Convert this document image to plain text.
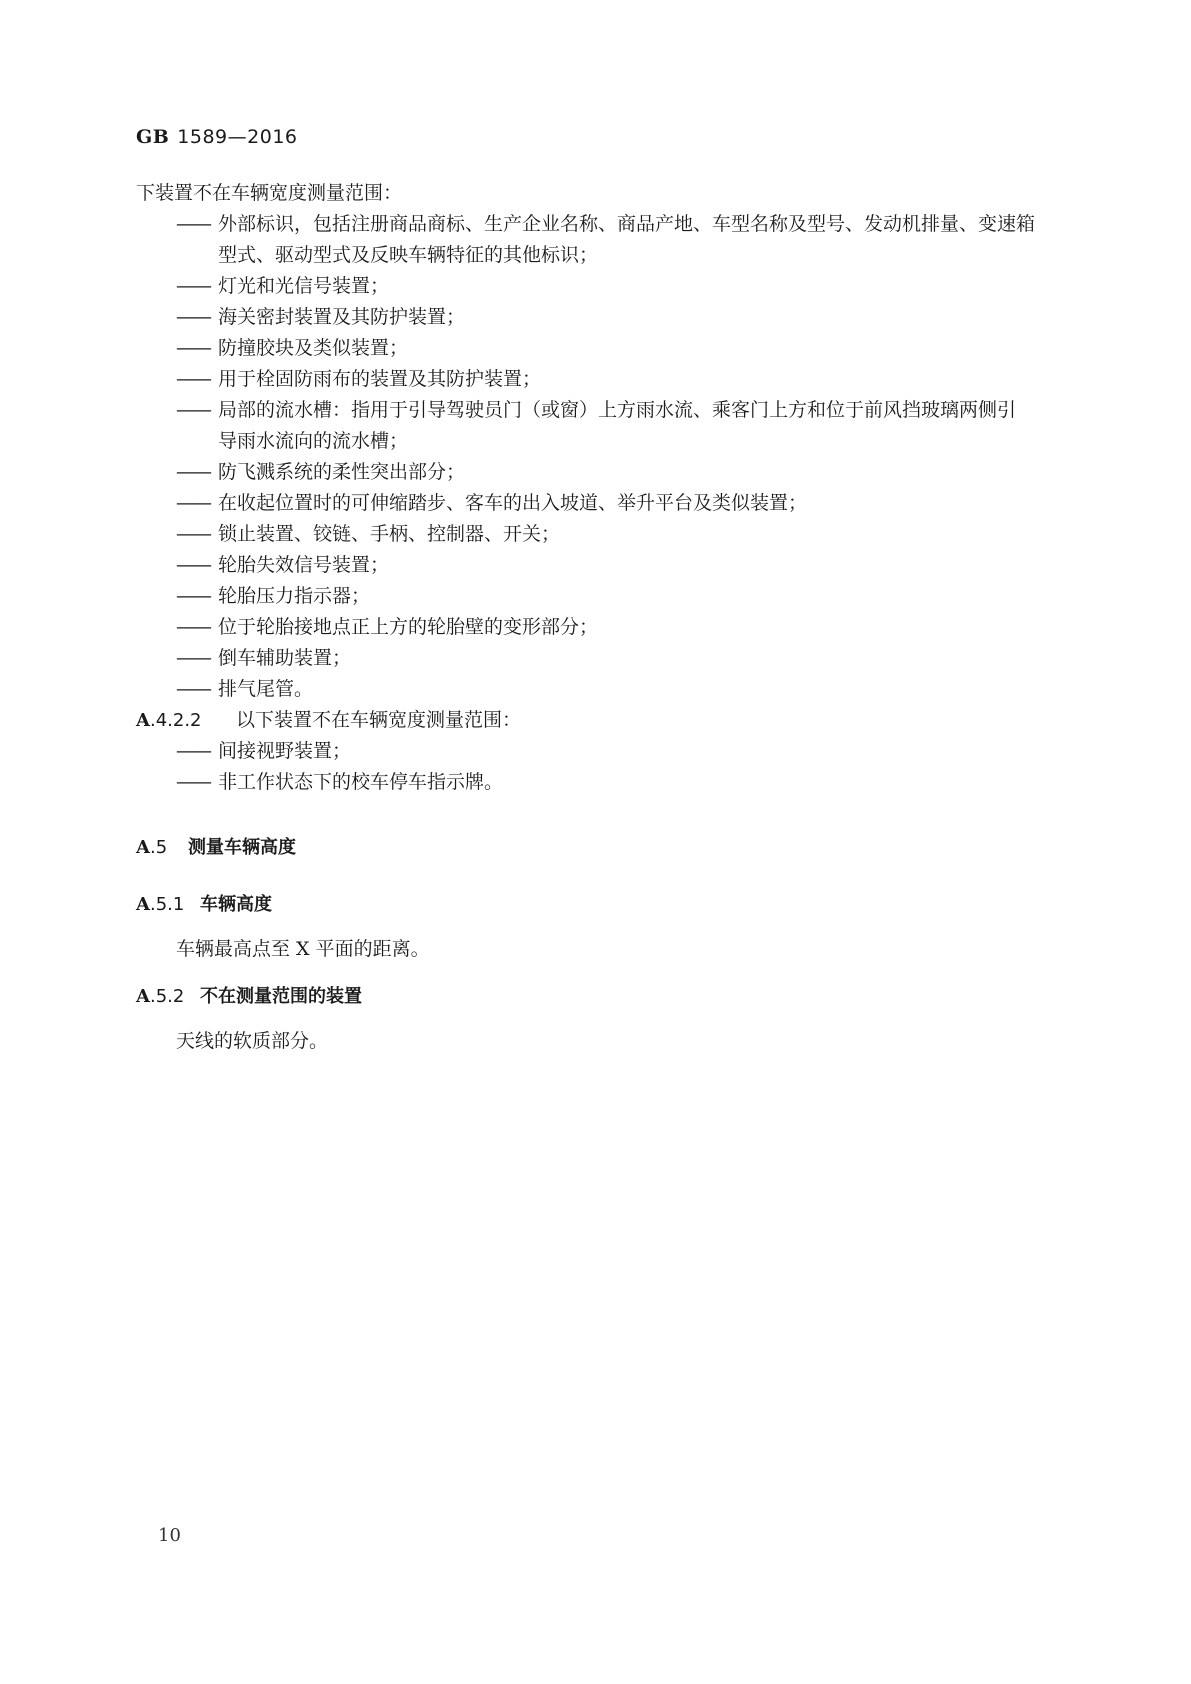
GB 1589—2016
下装置不在车辆宽度测量范围：
—— 外部标识，包括注册商品商标、生产企业名称、商品产地、车型名称及型号、发动机排量、变速箱
型式、驱动型式及反映车辆特征的其他标识；
—— 灯光和光信号装置；
—— 海关密封装置及其防护装置；
—— 防撞胶块及类似装置；
—— 用于栓固防雨布的装置及其防护装置；
—— 局部的流水槽：指用于引导驾驶员门（或窗）上方雨水流、乘客门上方和位于前风挡玻璃两侧引
导雨水流向的流水槽；
—— 防飞溅系统的柔性突出部分；
—— 在收起位置时的可伸缩踏步、客车的出入坡道、举升平台及类似装置；
—— 锁止装置、铰链、手柄、控制器、开关；
—— 轮胎失效信号装置；
—— 轮胎压力指示器；
—— 位于轮胎接地点正上方的轮胎壁的变形部分；
—— 倒车辅助装置；
—— 排气尾管。
A.4.2.2	以下装置不在车辆宽度测量范围：
—— 间接视野装置；
—— 非工作状态下的校车停车指示牌。
A.5	测量车辆高度
A.5.1 车辆高度
车辆最高点至 X 平面的距离。
A.5.2 不在测量范围的装置
天线的软质部分。
10
